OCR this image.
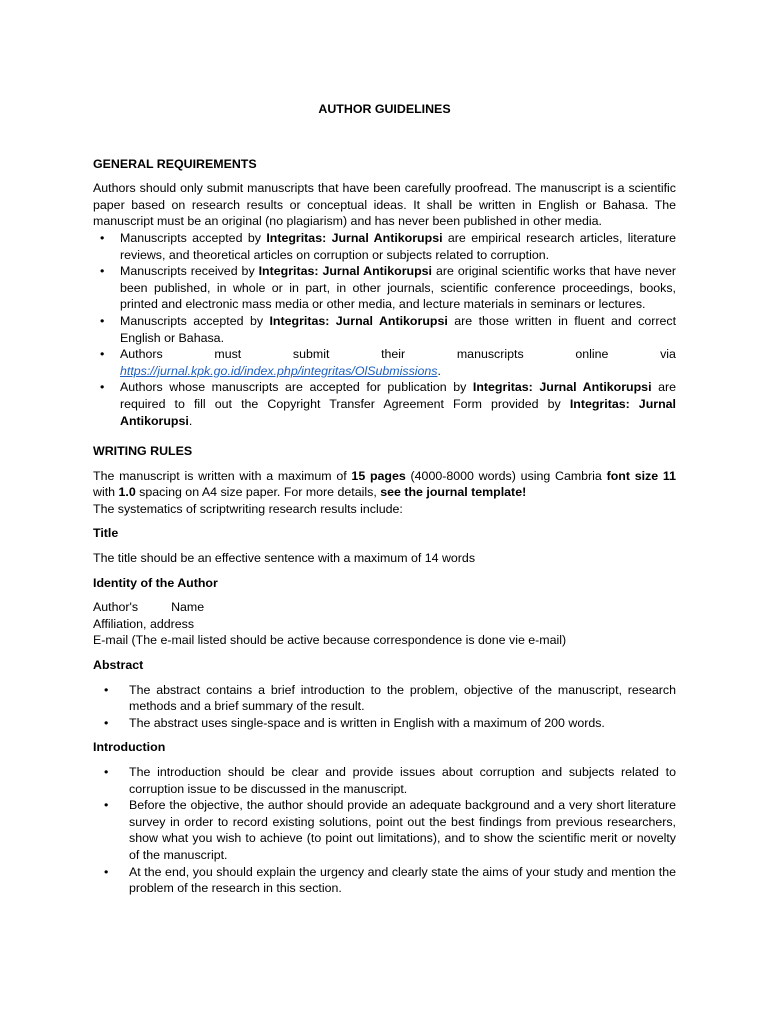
AUTHOR GUIDELINES

GENERAL REQUIREMENTS

Authors should only submit manuscripts that have been carefully proofread. The manuscript is a scientific paper based on research results or conceptual ideas. It shall be written in English or Bahasa. The manuscript must be an original (no plagiarism) and has never been published in other media.

• Manuscripts accepted by Integritas: Jurnal Antikorupsi are empirical research articles, literature reviews, and theoretical articles on corruption or subjects related to corruption.
• Manuscripts received by Integritas: Jurnal Antikorupsi are original scientific works that have never been published, in whole or in part, in other journals, scientific conference proceedings, books, printed and electronic mass media or other media, and lecture materials in seminars or lectures.
• Manuscripts accepted by Integritas: Jurnal Antikorupsi are those written in fluent and correct English or Bahasa.
• Authors	must	submit	their	manuscripts	online	via
https://jurnal.kpk.go.id/index.php/integritas/OlSubmissions.
• Authors whose manuscripts are accepted for publication by Integritas: Jurnal Antikorupsi are required to fill out the Copyright Transfer Agreement Form provided by Integritas: Jurnal Antikorupsi.
WRITING RULES

The manuscript is written with a maximum of 15 pages (4000-8000 words) using Cambria font size 11 with 1.0 spacing on A4 size paper. For more details, see the journal template!

The systematics of scriptwriting research results include:

Title

The title should be an effective sentence with a maximum of 14 words

Identity of the Author

Author's	Name

Affiliation, address

E-mail (The e-mail listed should be active because correspondence is done vie e-mail)

Abstract
• The abstract contains a brief introduction to the problem, objective of the manuscript, research methods and a brief summary of the result.
• The abstract uses single-space and is written in English with a maximum of 200 words.
Introduction
• The introduction should be clear and provide issues about corruption and subjects related to corruption issue to be discussed in the manuscript.
• Before the objective, the author should provide an adequate background and a very short literature survey in order to record existing solutions, point out the best findings from previous researchers, show what you wish to achieve (to point out limitations), and to show the scientific merit or novelty of the manuscript.
• At the end, you should explain the urgency and clearly state the aims of your study and mention the problem of the research in this section.
